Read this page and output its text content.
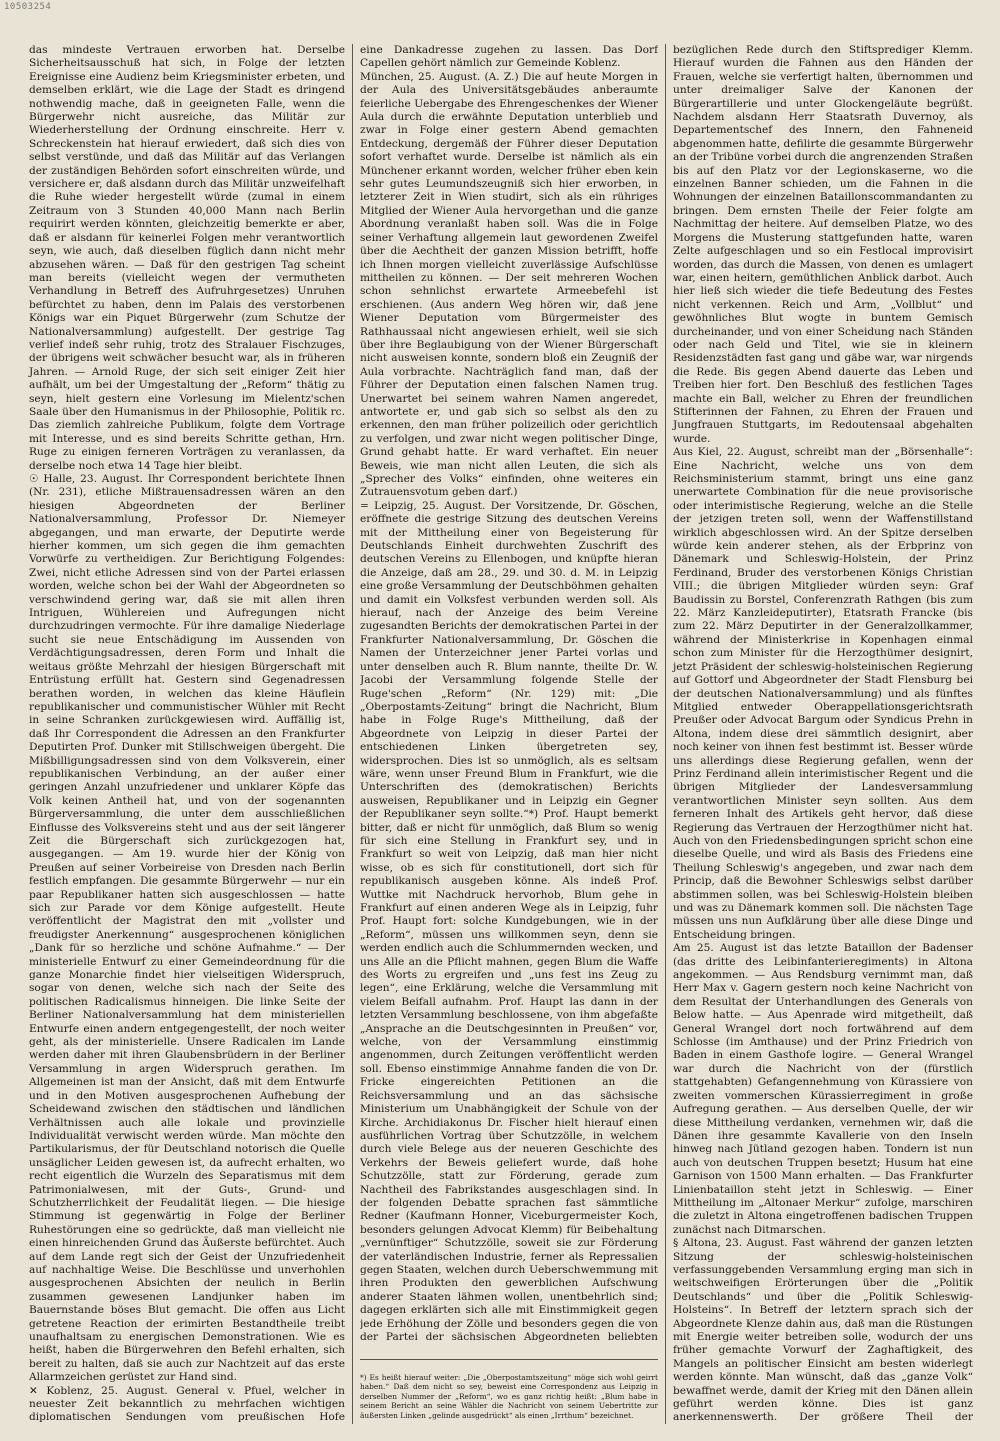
10503254

das mindeste Vertrauen erworben hat. Derselbe Sicherheitsausschuß hat sich, in Folge der letzten Ereignisse eine Audienz beim Kriegsminister erbeten, und demselben erklärt, wie die Lage der Stadt es dringend nothwendig mache, daß in geeigneten Falle, wenn die Bürgerwehr nicht ausreiche, das Militär zur Wiederherstellung der Ordnung einschreite. Herr v. Schreckenstein hat hierauf erwiedert, daß sich dies von selbst verstünde, und daß das Militär auf das Verlangen der zuständigen Behörden sofort einschreiten würde, und versichere er, daß alsdann durch das Militär unzweifelhaft die Ruhe wieder hergestellt würde (zumal in einem Zeitraum von 3 Stunden 40,000 Mann nach Berlin requirirt werden könnten, gleichzeitig bemerkte er aber, daß er alsdann für keinerlei Folgen mehr verantwortlich seyn, wie auch, daß dieselben füglich dann nicht mehr abzusehen wären. — Daß für den gestrigen Tag scheint man bereits (vielleicht wegen der vermutheten Verhandlung in Betreff des Aufruhrgesetzes) Unruhen befürchtet zu haben, denn im Palais des verstorbenen Königs war ein Piquet Bürgerwehr (zum Schutze der Nationalversammlung) aufgestellt. Der gestrige Tag verlief indeß sehr ruhig, trotz des Stralauer Fischzuges, der übrigens weit schwächer besucht war, als in früheren Jahren. — Arnold Ruge, der sich seit einiger Zeit hier aufhält, um bei der Umgestaltung der „Reform“ thätig zu seyn, hielt gestern eine Vorlesung im Mielentz'schen Saale über den Humanismus in der Philosophie, Politik rc. Das ziemlich zahlreiche Publikum, folgte dem Vortrage mit Interesse, und es sind bereits Schritte gethan, Hrn. Ruge zu einigen ferneren Vorträgen zu veranlassen, da derselbe noch etwa 14 Tage hier bleibt.

☉ Halle, 23. August. Ihr Correspondent berichtete Ihnen (Nr. 231), etliche Mißtrauensadressen wären an den hiesigen Abgeordneten der Berliner Nationalversammlung, Professor Dr. Niemeyer abgegangen, und man erwarte, der Deputirte werde hierher kommen, um sich gegen die ihm gemachten Vorwürfe zu vertheidigen. Zur Berichtigung Folgendes: Zwei, nicht etliche Adressen sind von der Partei erlassen worden, welche schon bei der Wahl der Abgeordneten so verschwindend gering war, daß sie mit allen ihren Intriguen, Wühlereien und Aufregungen nicht durchzudringen vermochte. Für ihre damalige Niederlage sucht sie neue Entschädigung im Aussenden von Verdächtigungsadressen, deren Form und Inhalt die weitaus größte Mehrzahl der hiesigen Bürgerschaft mit Entrüstung erfüllt hat. Gestern sind Gegenadressen berathen worden, in welchen das kleine Häuflein republikanischer und communistischer Wühler mit Recht in seine Schranken zurückgewiesen wird. Auffällig ist, daß Ihr Correspondent die Adressen an den Frankfurter Deputirten Prof. Dunker mit Stillschweigen übergeht. Die Mißbilligungsadressen sind von dem Volksverein, einer republikanischen Verbindung, an der außer einer geringen Anzahl unzufriedener und unklarer Köpfe das Volk keinen Antheil hat, und von der sogenannten Bürgerversammlung, die unter dem ausschließlichen Einflusse des Volksvereins steht und aus der seit längerer Zeit die Bürgerschaft sich zurückgezogen hat, ausgegangen. — Am 19. wurde hier der König von Preußen auf seiner Vorbeireise von Dresden nach Berlin festlich empfangen. Die gesammte Bürgerwehr — nur ein paar Republikaner hatten sich ausgeschlossen — hatte sich zur Parade vor dem Könige aufgestellt. Heute veröffentlicht der Magistrat den mit „vollster und freudigster Anerkennung“ ausgesprochenen königlichen „Dank für so herzliche und schöne Aufnahme.“ — Der ministerielle Entwurf zu einer Gemeindeordnung für die ganze Monarchie findet hier vielseitigen Widerspruch, sogar von denen, welche sich nach der Seite des politischen Radicalismus hinneigen. Die linke Seite der Berliner Nationalversammlung hat dem ministeriellen Entwurfe einen andern entgegengestellt, der noch weiter geht, als der ministerielle. Unsere Radicalen im Lande werden daher mit ihren Glaubensbrüdern in der Berliner Versammlung in argen Widerspruch gerathen. Im Allgemeinen ist man der Ansicht, daß mit dem Entwurfe und in den Motiven ausgesprochenen Aufhebung der Scheidewand zwischen den städtischen und ländlichen Verhältnissen auch alle lokale und provinzielle Individualität verwischt werden würde. Man möchte den Partikularismus, der für Deutschland notorisch die Quelle unsäglicher Leiden gewesen ist, da aufrecht erhalten, wo recht eigentlich die Wurzeln des Separatismus mit dem Patrimonialwesen, mit der Guts-, Grund- und Schutzherrlichkeit der Feudalität liegen. — Die hiesige Stimmung ist gegenwärtig in Folge der Berliner Ruhestörungen eine so gedrückte, daß man vielleicht nie einen hinreichenden Grund das Äußerste befürchtet. Auch auf dem Lande regt sich der Geist der Unzufriedenheit auf nachhaltige Weise. Die Beschlüsse und unverhohlen ausgesprochenen Absichten der neulich in Berlin zusammen gewesenen Landjunker haben im Bauernstande böses Blut gemacht. Die offen aus Licht getretene Reaction der erimirten Bestandtheile treibt unaufhaltsam zu energischen Demonstrationen. Wie es heißt, haben die Bürgerwehren den Befehl erhalten, sich bereit zu halten, daß sie auch zur Nachtzeit auf das erste Allarmzeichen gerüstet zur Hand sind.

✕ Koblenz, 25. August. General v. Pfuel, welcher in neuester Zeit bekanntlich zu mehrfachen wichtigen diplomatischen Sendungen vom preußischen Hofe

eine Dankadresse zugehen zu lassen. Das Dorf Capellen gehört nämlich zur Gemeinde Koblenz.

München, 25. August. (A. Z.) Die auf heute Morgen in der Aula des Universitätsgebäudes anberaumte feierliche Uebergabe des Ehrengeschenkes der Wiener Aula durch die erwähnte Deputation unterblieb und zwar in Folge einer gestern Abend gemachten Entdeckung, dergemäß der Führer dieser Deputation sofort verhaftet wurde. Derselbe ist nämlich als ein Münchener erkannt worden, welcher früher eben kein sehr gutes Leumundszeugniß sich hier erworben, in letzterer Zeit in Wien studirt, sich als ein rühriges Mitglied der Wiener Aula hervorgethan und die ganze Abordnung veranlaßt haben soll. Was die in Folge seiner Verhaftung allgemein laut gewordenen Zweifel über die Aechtheit der ganzen Mission betrifft, hoffe ich Ihnen morgen vielleicht zuverlässige Aufschlüsse mittheilen zu können. — Der seit mehreren Wochen schon sehnlichst erwartete Armeebefehl ist erschienen. (Aus andern Weg hören wir, daß jene Wiener Deputation vom Bürgermeister des Rathhaussaal nicht angewiesen erhielt, weil sie sich über ihre Beglaubigung von der Wiener Bürgerschaft nicht ausweisen konnte, sondern bloß ein Zeugniß der Aula vorbrachte. Nachträglich fand man, daß der Führer der Deputation einen falschen Namen trug. Unerwartet bei seinem wahren Namen angeredet, antwortete er, und gab sich so selbst als den zu erkennen, den man früher polizeilich oder gerichtlich zu verfolgen, und zwar nicht wegen politischer Dinge, Grund gehabt hatte. Er ward verhaftet. Ein neuer Beweis, wie man nicht allen Leuten, die sich als „Sprecher des Volks“ einfinden, ohne weiteres ein Zutrauensvotum geben darf.)

= Leipzig, 25. August. Der Vorsitzende, Dr. Göschen, eröffnete die gestrige Sitzung des deutschen Vereins mit der Mittheilung einer von Begeisterung für Deutschlands Einheit durchwehten Zuschrift des deutschen Vereins zu Ellenbogen, und knüpfte hieran die Anzeige, daß am 28., 29. und 30. d. M. in Leipzig eine große Versammlung der Deutschböhmen gehalten und damit ein Volksfest verbunden werden soll. Als hierauf, nach der Anzeige des beim Vereine zugesandten Berichts der demokratischen Partei in der Frankfurter Nationalversammlung, Dr. Göschen die Namen der Unterzeichner jener Partei vorlas und unter denselben auch R. Blum nannte, theilte Dr. W. Jacobi der Versammlung folgende Stelle der Ruge'schen „Reform“ (Nr. 129) mit: „Die „Oberpostamts-Zeitung“ bringt die Nachricht, Blum habe in Folge Ruge's Mittheilung, daß der Abgeordnete von Leipzig in dieser Partei der entschiedenen Linken übergetreten sey, widersprochen. Dies ist so unmöglich, als es seltsam wäre, wenn unser Freund Blum in Frankfurt, wie die Unterschriften des (demokratischen) Berichts ausweisen, Republikaner und in Leipzig ein Gegner der Republikaner seyn sollte.“*) Prof. Haupt bemerkt bitter, daß er nicht für unmöglich, daß Blum so wenig für sich eine Stellung in Frankfurt sey, und in Frankfurt so weit von Leipzig, daß man hier nicht wisse, ob es sich für constitutionell, dort sich für republikanisch ausgeben könne. Als indeß Prof. Wuttke mit Nachdruck hervorhob, Blum gehe in Frankfurt auf einen anderen Wege als in Leipzig, fuhr Prof. Haupt fort: solche Kundgebungen, wie in der „Reform“, müssen uns willkommen seyn, denn sie werden endlich auch die Schlummernden wecken, und uns Alle an die Pflicht mahnen, gegen Blum die Waffe des Worts zu ergreifen und „uns fest ins Zeug zu legen“, eine Erklärung, welche die Versammlung mit vielem Beifall aufnahm. Prof. Haupt las dann in der letzten Versammlung beschlossene, von ihm abgefaßte „Ansprache an die Deutschgesinnten in Preußen“ vor, welche, von der Versammlung einstimmig angenommen, durch Zeitungen veröffentlicht werden soll. Ebenso einstimmige Annahme fanden die von Dr. Fricke eingereichten Petitionen an die Reichsversammlung und an das sächsische Ministerium um Unabhängigkeit der Schule von der Kirche. Archidiakonus Dr. Fischer hielt hierauf einen ausführlichen Vortrag über Schutzzölle, in welchem durch viele Belege aus der neueren Geschichte des Verkehrs der Beweis geliefert wurde, daß hohe Schutzzölle, statt zur Förderung, gerade zum Nachtheil des Fabrikstandes ausgeschlagen sind. In der folgenden Debatte sprachen fast sämmtliche Redner (Kaufmann Honner, Viceburgermeister Koch, besonders gelungen Advocat Klemm) für Beibehaltung „vernünftiger“ Schutzzölle, soweit sie zur Förderung der vaterländischen Industrie, ferner als Repressalien gegen Staaten, welchen durch Ueberschwemmung mit ihren Produkten den gewerblichen Aufschwung anderer Staaten lähmen wollen, unentbehrlich sind; dagegen erklärten sich alle mit Einstimmigkeit gegen jede Erhöhung der Zölle und besonders gegen die von der Partei der sächsischen Abgeordneten beliebten

*) Es heißt hierauf weiter: „Die „Oberpostamtszeitung“ möge sich wohl geirrt haben.“ Daß dem nicht so sey, beweist eine Correspondenz aus Leipzig in derselben Nummer der „Reform“, wo es ganz richtig heißt: „Blum habe in seinem Bericht an seine Wähler die Nachricht von seinem Uebertritte zur äußersten Linken „gelinde ausgedrückt“ als einen „Irrthum“ bezeichnet.

bezüglichen Rede durch den Stiftsprediger Klemm. Hierauf wurden die Fahnen aus den Händen der Frauen, welche sie verfertigt halten, übernommen und unter dreimaliger Salve der Kanonen der Bürgerartillerie und unter Glockengeläute begrüßt. Nachdem alsdann Herr Staatsrath Duvernoy, als Departementschef des Innern, den Fahneneid abgenommen hatte, defilirte die gesammte Bürgerwehr an der Tribüne vorbei durch die angrenzenden Straßen bis auf den Platz vor der Legionskaserne, wo die einzelnen Banner schieden, um die Fahnen in die Wohnungen der einzelnen Bataillonscommandanten zu bringen. Dem ernsten Theile der Feier folgte am Nachmittag der heitere. Auf demselben Platze, wo des Morgens die Musterung stattgefunden hatte, waren Zelte aufgeschlagen und so ein Festlocal improvisirt worden, das durch die Massen, von denen es umlagert war, einen heitern, gemüthlichen Anblick darbot. Auch hier ließ sich wieder die tiefe Bedeutung des Festes nicht verkennen. Reich und Arm, „Vollblut“ und gewöhnliches Blut wogte in buntem Gemisch durcheinander, und von einer Scheidung nach Ständen oder nach Geld und Titel, wie sie in kleinern Residenzstädten fast gang und gäbe war, war nirgends die Rede. Bis gegen Abend dauerte das Leben und Treiben hier fort. Den Beschluß des festlichen Tages machte ein Ball, welcher zu Ehren der freundlichen Stifterinnen der Fahnen, zu Ehren der Frauen und Jungfrauen Stuttgarts, im Redoutensaal abgehalten wurde.

Aus Kiel, 22. August, schreibt man der „Börsenhalle“: Eine Nachricht, welche uns von dem Reichsministerium stammt, bringt uns eine ganz unerwartete Combination für die neue provisorische oder interimistische Regierung, welche an die Stelle der jetzigen treten soll, wenn der Waffenstillstand wirklich abgeschlossen wird. An der Spitze derselben würde kein anderer stehen, als der Erbprinz von Dänemark und Schleswig-Holstein, der Prinz Ferdinand, Bruder des verstorbenen Königs Christian VIII.; die übrigen Mitglieder würden seyn: Graf Baudissin zu Borstel, Conferenzrath Rathgen (bis zum 22. März Kanzleideputirter), Etatsrath Francke (bis zum 22. März Deputirter in der Generalzollkammer, während der Ministerkrise in Kopenhagen einmal schon zum Minister für die Herzogthümer designirt, jetzt Präsident der schleswig-holsteinischen Regierung auf Gottorf und Abgeordneter der Stadt Flensburg bei der deutschen Nationalversammlung) und als fünftes Mitglied entweder Oberappellationsgerichtsrath Preußer oder Advocat Bargum oder Syndicus Prehn in Altona, indem diese drei sämmtlich designirt, aber noch keiner von ihnen fest bestimmt ist. Besser würde uns allerdings diese Regierung gefallen, wenn der Prinz Ferdinand allein interimistischer Regent und die übrigen Mitglieder der Landesversammlung verantwortlichen Minister seyn sollten. Aus dem ferneren Inhalt des Artikels geht hervor, daß diese Regierung das Vertrauen der Herzogthümer nicht hat. Auch von den Friedensbedingungen spricht schon eine dieselbe Quelle, und wird als Basis des Friedens eine Theilung Schleswig's angegeben, und zwar nach dem Princip, daß die Bewohner Schleswigs selbst darüber abstimmen sollen, was bei Schleswig-Holstein bleiben und was zu Dänemark kommen soll. Die nächsten Tage müssen uns nun Aufklärung über alle diese Dinge und Entscheidung bringen.

Am 25. August ist das letzte Bataillon der Badenser (das dritte des Leibinfanterieregiments) in Altona angekommen. — Aus Rendsburg vernimmt man, daß Herr Max v. Gagern gestern noch keine Nachricht von dem Resultat der Unterhandlungen des Generals von Below hatte. — Aus Apenrade wird mitgetheilt, daß General Wrangel dort noch fortwährend auf dem Schlosse (im Amthause) und der Prinz Friedrich von Baden in einem Gasthofe logire. — General Wrangel war durch die Nachricht von der (fürstlich stattgehabten) Gefangennehmung von Kürassiere von zweiten vommerschen Kürassierregiment in große Aufregung gerathen. — Aus derselben Quelle, der wir diese Mittheilung verdanken, vernehmen wir, daß die Dänen ihre gesammte Kavallerie von den Inseln hinweg nach Jütland gezogen haben. Tondern ist nun auch von deutschen Truppen besetzt; Husum hat eine Garnison von 1500 Mann erhalten. — Das Frankfurter Linienbataillon steht jetzt in Schleswig. — Einer Mittheilung im „Altonaer Merkur“ zufolge, marschiren die zuletzt in Altona eingetroffenen badischen Truppen zunächst nach Ditmarschen.

§ Altona, 23. August. Fast während der ganzen letzten Sitzung der schleswig-holsteinischen verfassunggebenden Versammlung erging man sich in weitschweifigen Erörterungen über die „Politik Deutschlands“ und über die „Politik Schleswig-Holsteins“. In Betreff der letztern sprach sich der Abgeordnete Klenze dahin aus, daß man die Rüstungen mit Energie weiter betreiben solle, wodurch der uns früher gemachte Vorwurf der Zaghaftigkeit, des Mangels an politischer Einsicht am besten widerlegt werden könnte. Man wünscht, daß das „ganze Volk“ bewaffnet werde, damit der Krieg mit den Dänen allein geführt werden könne. Dies ist ganz anerkennenswerth. Der größere Theil der
